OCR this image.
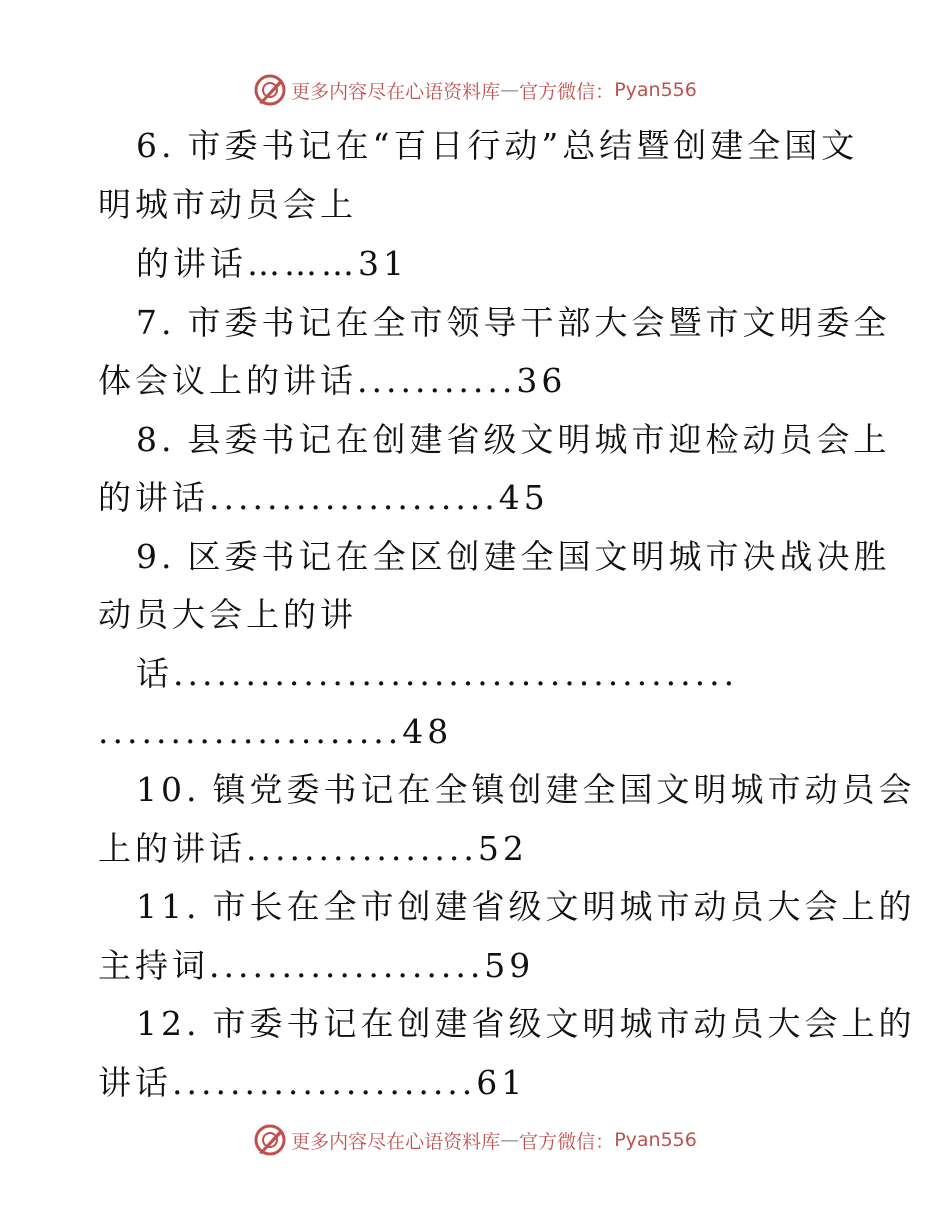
更多内容尽在心语资料库 — 官方微信： Pyan556
6. 市委书记在“百日行动”总结暨创建全国文
明城市动员会上
的讲话………31
7. 市委书记在全市领导干部大会暨市文明委全
体会议上的讲话...........36
8. 县委书记在创建省级文明城市迎检动员会上
的讲话....................45
9. 区委书记在全区创建全国文明城市决战决胜
动员大会上的讲
话.......................................
.....................48
10. 镇党委书记在全镇创建全国文明城市动员会
上的讲话................52
11. 市长在全市创建省级文明城市动员大会上的
主持词...................59
12. 市委书记在创建省级文明城市动员大会上的
讲话.....................61
更多内容尽在心语资料库 — 官方微信： Pyan556
